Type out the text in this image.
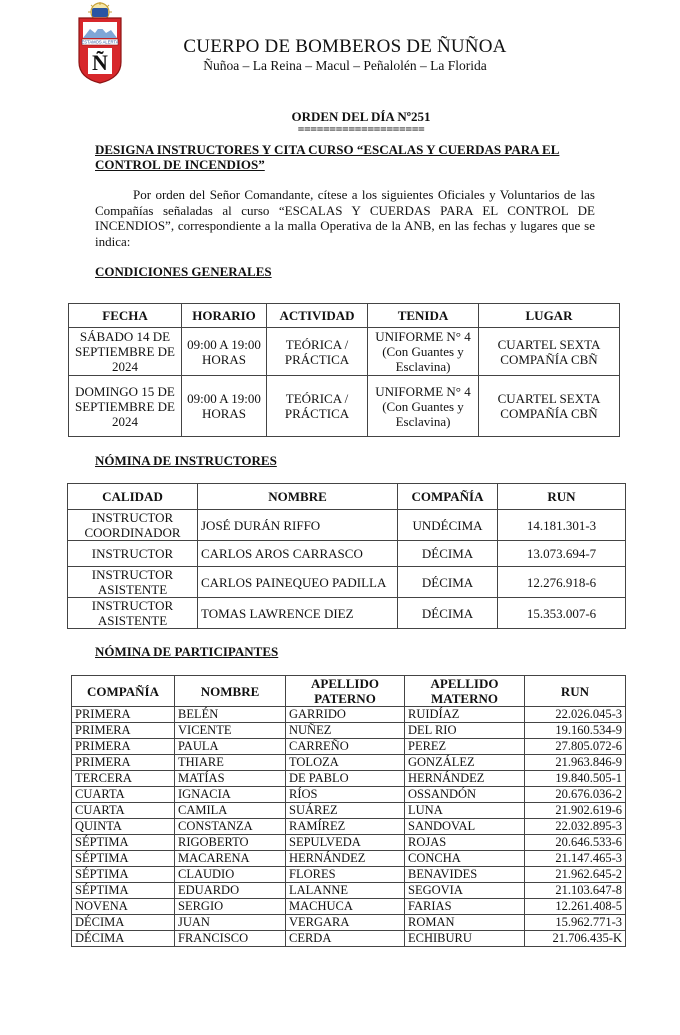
ESTAMOS ALERTA
Ñ
CUERPO DE BOMBEROS DE ÑUÑOA
Ñuñoa – La Reina – Macul – Peñalolén – La Florida
ORDEN DEL DÍA Nº251
====================
DESIGNA INSTRUCTORES Y CITA CURSO “ESCALAS Y CUERDAS PARA EL CONTROL DE INCENDIOS”
Por orden del Señor Comandante, cítese a los siguientes Oficiales y Voluntarios de las Compañías señaladas al curso “ESCALAS Y CUERDAS PARA EL CONTROL DE INCENDIOS”, correspondiente a la malla Operativa de la ANB, en las fechas y lugares que se indica:
CONDICIONES GENERALES
FECHA	HORARIO	ACTIVIDAD	TENIDA	LUGAR
SÁBADO 14 DE SEPTIEMBRE DE 2024	09:00 A 19:00 HORAS	TEÓRICA / PRÁCTICA	UNIFORME N° 4 (Con Guantes y Esclavina)	CUARTEL SEXTA COMPAÑÍA CBÑ
DOMINGO 15 DE SEPTIEMBRE DE 2024	09:00 A 19:00 HORAS	TEÓRICA / PRÁCTICA	UNIFORME N° 4 (Con Guantes y Esclavina)	CUARTEL SEXTA COMPAÑÍA CBÑ
NÓMINA DE INSTRUCTORES
CALIDAD	NOMBRE	COMPAÑÍA	RUN
INSTRUCTOR COORDINADOR	JOSÉ DURÁN RIFFO	UNDÉCIMA	14.181.301-3
INSTRUCTOR	CARLOS AROS CARRASCO	DÉCIMA	13.073.694-7
INSTRUCTOR ASISTENTE	CARLOS PAINEQUEO PADILLA	DÉCIMA	12.276.918-6
INSTRUCTOR ASISTENTE	TOMAS LAWRENCE DIEZ	DÉCIMA	15.353.007-6
NÓMINA DE PARTICIPANTES
COMPAÑÍA	NOMBRE	APELLIDO PATERNO	APELLIDO MATERNO	RUN
PRIMERA	BELÉN	GARRIDO	RUIDÍAZ	22.026.045-3
PRIMERA	VICENTE	NUÑEZ	DEL RIO	19.160.534-9
PRIMERA	PAULA	CARREÑO	PEREZ	27.805.072-6
PRIMERA	THIARE	TOLOZA	GONZÁLEZ	21.963.846-9
TERCERA	MATÍAS	DE PABLO	HERNÁNDEZ	19.840.505-1
CUARTA	IGNACIA	RÍOS	OSSANDÓN	20.676.036-2
CUARTA	CAMILA	SUÁREZ	LUNA	21.902.619-6
QUINTA	CONSTANZA	RAMÍREZ	SANDOVAL	22.032.895-3
SÉPTIMA	RIGOBERTO	SEPULVEDA	ROJAS	20.646.533-6
SÉPTIMA	MACARENA	HERNÁNDEZ	CONCHA	21.147.465-3
SÉPTIMA	CLAUDIO	FLORES	BENAVIDES	21.962.645-2
SÉPTIMA	EDUARDO	LALANNE	SEGOVIA	21.103.647-8
NOVENA	SERGIO	MACHUCA	FARIAS	12.261.408-5
DÉCIMA	JUAN	VERGARA	ROMAN	15.962.771-3
DÉCIMA	FRANCISCO	CERDA	ECHIBURU	21.706.435-K
